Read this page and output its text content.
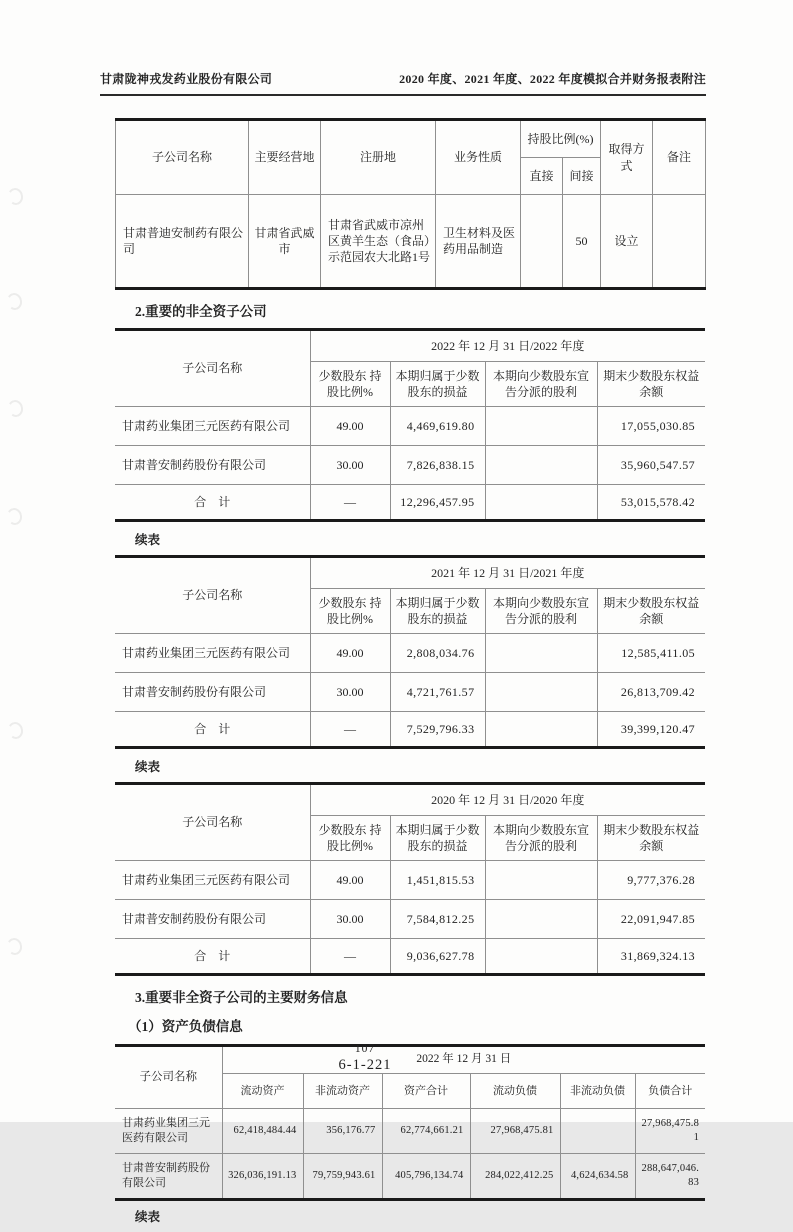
甘肃陇神戎发药业股份有限公司	2020 年度、2021 年度、2022 年度模拟合并财务报表附注
子公司名称	主要经营地	注册地	业务性质	持股比例(%)		取得方式	备注
				直接	间接		
甘肃普迪安制药有限公司	甘肃省武威市	甘肃省武威市凉州区黄羊生态（食品）示范园农大北路1号	卫生材料及医药用品制造		50	设立	
2.重要的非全资子公司
子公司名称	2022 年 12 月 31 日/2022 年度			
	少数股东 持股比例%	本期归属于少数股东的损益	本期向少数股东宣告分派的股利	期末少数股东权益余额
甘肃药业集团三元医药有限公司	49.00	4,469,619.80		17,055,030.85
甘肃普安制药股份有限公司	30.00	7,826,838.15		35,960,547.57
合　计	—	12,296,457.95		53,015,578.42
续表
子公司名称	2021 年 12 月 31 日/2021 年度			
	少数股东 持股比例%	本期归属于少数股东的损益	本期向少数股东宣告分派的股利	期末少数股东权益余额
甘肃药业集团三元医药有限公司	49.00	2,808,034.76		12,585,411.05
甘肃普安制药股份有限公司	30.00	4,721,761.57		26,813,709.42
合　计	—	7,529,796.33		39,399,120.47
续表
子公司名称	2020 年 12 月 31 日/2020 年度			
	少数股东 持股比例%	本期归属于少数股东的损益	本期向少数股东宣告分派的股利	期末少数股东权益余额
甘肃药业集团三元医药有限公司	49.00	1,451,815.53		9,777,376.28
甘肃普安制药股份有限公司	30.00	7,584,812.25		22,091,947.85
合　计	—	9,036,627.78		31,869,324.13
3.重要非全资子公司的主要财务信息
（1）资产负债信息
子公司名称	2022 年 12 月 31 日					
	流动资产	非流动资产	资产合计	流动负债	非流动负债	负债合计
甘肃药业集团三元医药有限公司	62,418,484.44	356,176.77	62,774,661.21	27,968,475.81		27,968,475.81
甘肃普安制药股份有限公司	326,036,191.13	79,759,943.61	405,796,134.74	284,022,412.25	4,624,634.58	288,647,046.83
续表
107
6-1-221
